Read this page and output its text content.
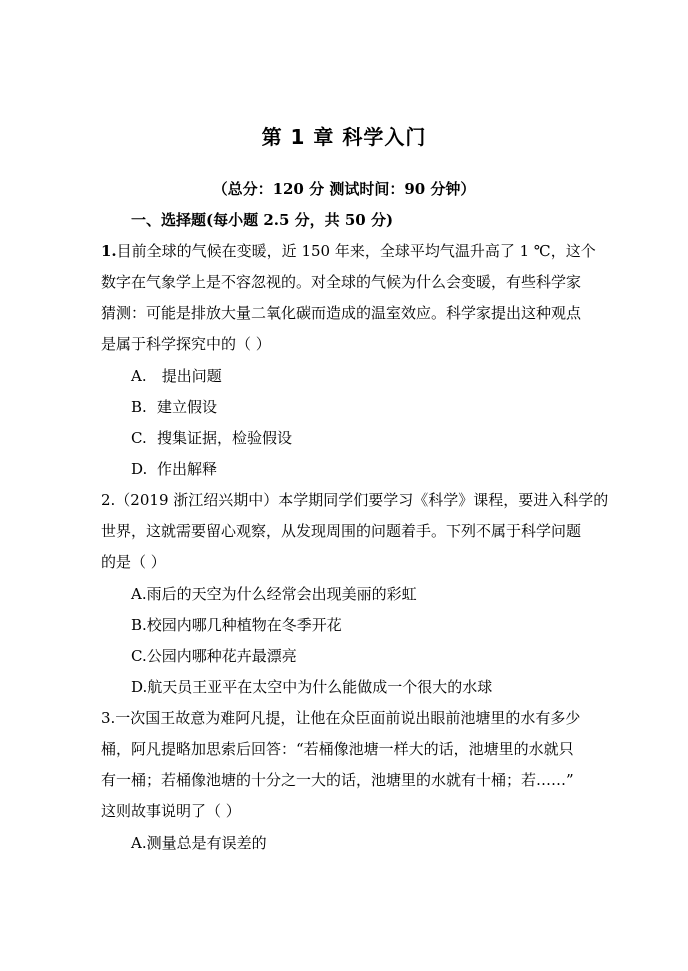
第 1 章 科学入门
（总分：120 分 测试时间：90 分钟）
一、选择题(每小题 2.5 分，共 50 分)
1.目前全球的气候在变暖，近 150 年来，全球平均气温升高了 1 ℃，这个
数字在气象学上是不容忽视的。对全球的气候为什么会变暖，有些科学家
猜测：可能是排放大量二氧化碳而造成的温室效应。科学家提出这种观点
是属于科学探究中的（ ）
A. 提出问题
B. 建立假设
C. 搜集证据，检验假设
D. 作出解释
2.（2019 浙江绍兴期中）本学期同学们要学习《科学》课程，要进入科学的
世界，这就需要留心观察，从发现周围的问题着手。下列不属于科学问题
的是（ ）
A.雨后的天空为什么经常会出现美丽的彩虹
B.校园内哪几种植物在冬季开花
C.公园内哪种花卉最漂亮
D.航天员王亚平在太空中为什么能做成一个很大的水球
3.一次国王故意为难阿凡提，让他在众臣面前说出眼前池塘里的水有多少
桶，阿凡提略加思索后回答：“若桶像池塘一样大的话，池塘里的水就只
有一桶；若桶像池塘的十分之一大的话，池塘里的水就有十桶；若……”
这则故事说明了（ ）
A.测量总是有误差的
